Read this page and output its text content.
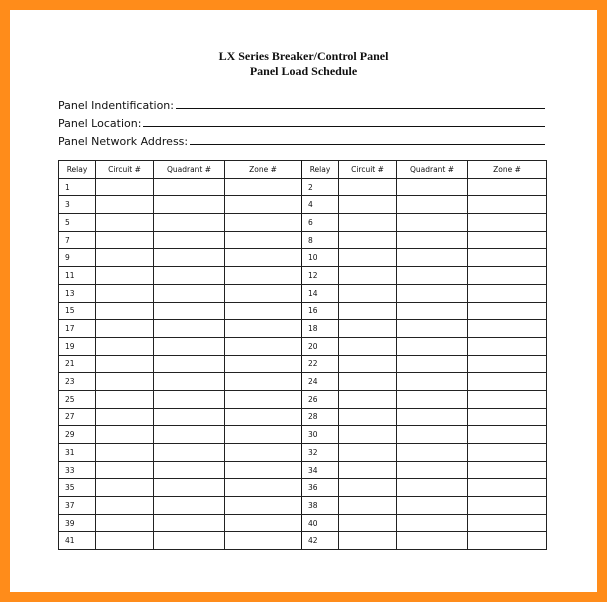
LX Series Breaker/Control Panel
Panel Load Schedule
Panel Indentification:
Panel Location:
Panel Network Address:
Relay	Circuit #	Quadrant #	Zone #	Relay	Circuit #	Quadrant #	Zone #
1				2			
3				4			
5				6			
7				8			
9				10			
11				12			
13				14			
15				16			
17				18			
19				20			
21				22			
23				24			
25				26			
27				28			
29				30			
31				32			
33				34			
35				36			
37				38			
39				40			
41				42			
